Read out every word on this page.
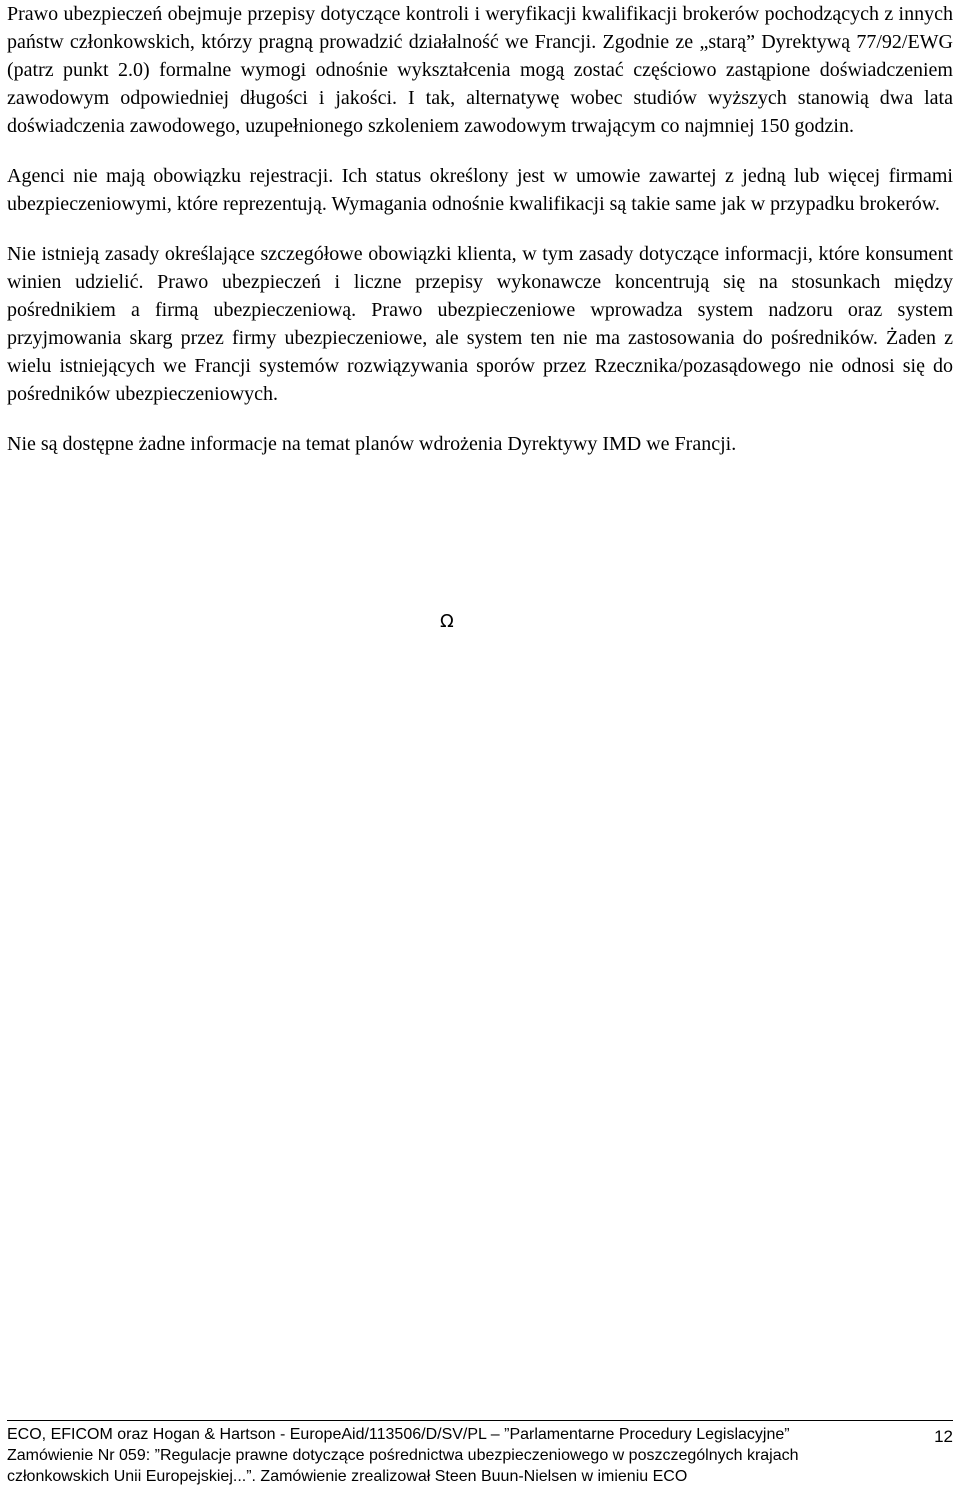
Prawo ubezpieczeń obejmuje przepisy dotyczące kontroli i weryfikacji kwalifikacji brokerów pochodzących z innych państw członkowskich, którzy pragną prowadzić działalność we Francji. Zgodnie ze „starą” Dyrektywą 77/92/EWG (patrz punkt 2.0) formalne wymogi odnośnie wykształcenia mogą zostać częściowo zastąpione doświadczeniem zawodowym odpowiedniej długości i jakości. I tak, alternatywę wobec studiów wyższych stanowią dwa lata doświadczenia zawodowego, uzupełnionego szkoleniem zawodowym trwającym co najmniej 150 godzin.

Agenci nie mają obowiązku rejestracji. Ich status określony jest w umowie zawartej z jedną lub więcej firmami ubezpieczeniowymi, które reprezentują. Wymagania odnośnie kwalifikacji są takie same jak w przypadku brokerów.

Nie istnieją zasady określające szczegółowe obowiązki klienta, w tym zasady dotyczące informacji, które konsument winien udzielić. Prawo ubezpieczeń i liczne przepisy wykonawcze koncentrują się na stosunkach między pośrednikiem a firmą ubezpieczeniową. Prawo ubezpieczeniowe wprowadza system nadzoru oraz system przyjmowania skarg przez firmy ubezpieczeniowe, ale system ten nie ma zastosowania do pośredników. Żaden z wielu istniejących we Francji systemów rozwiązywania sporów przez Rzecznika/pozasądowego nie odnosi się do pośredników ubezpieczeniowych.

Nie są dostępne żadne informacje na temat planów wdrożenia Dyrektywy IMD we Francji.

Ω
ECO, EFICOM oraz Hogan & Hartson - EuropeAid/113506/D/SV/PL – ”Parlamentarne Procedury Legislacyjne”	12
Zamówienie Nr 059: ”Regulacje prawne dotyczące pośrednictwa ubezpieczeniowego w poszczególnych krajach
członkowskich Unii Europejskiej...”. Zamówienie zrealizował Steen Buun-Nielsen w imieniu ECO
